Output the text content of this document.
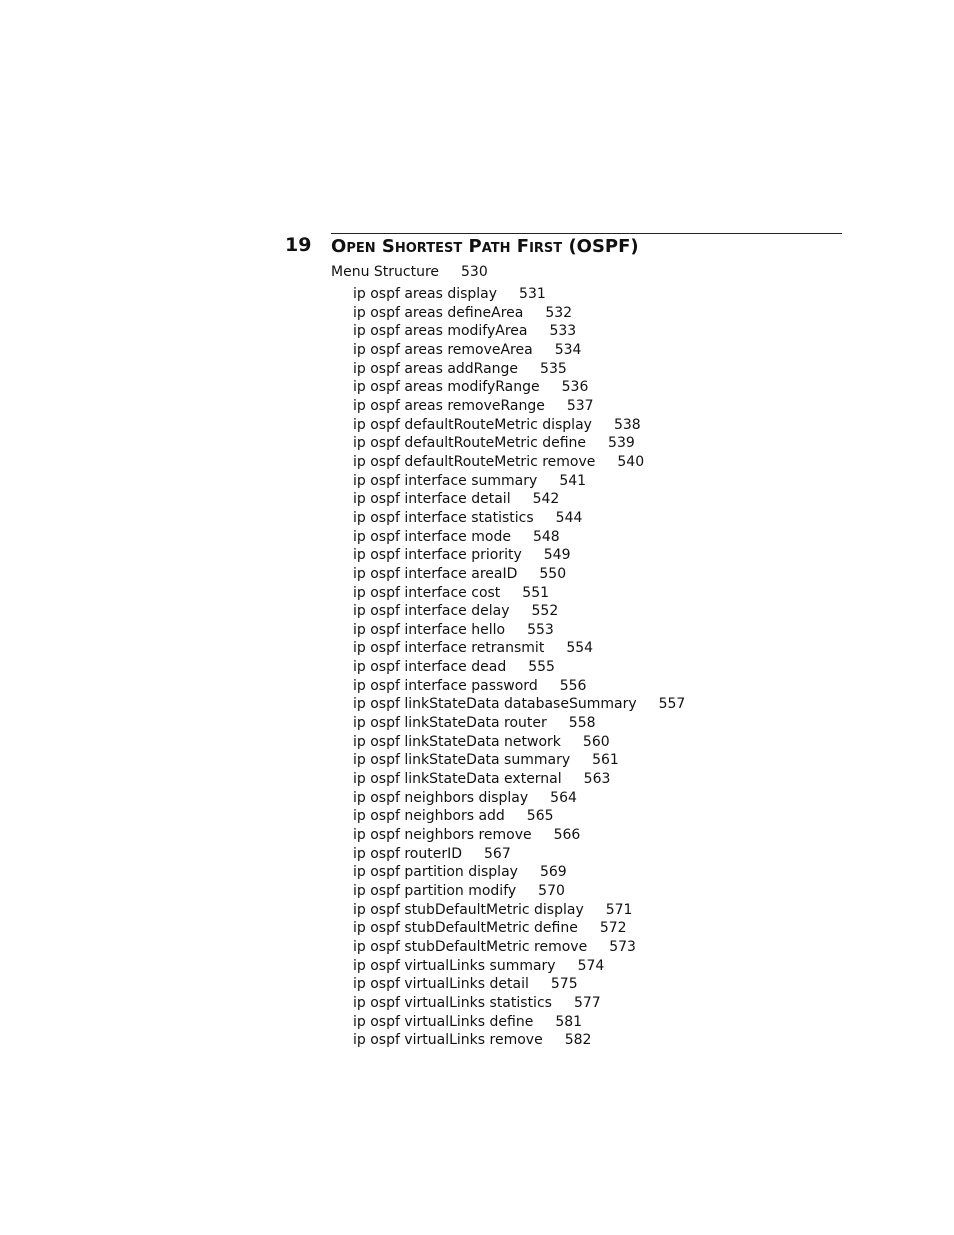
19 OPEN SHORTEST PATH FIRST (OSPF)
Menu Structure 530
ip ospf areas display 531
ip ospf areas defineArea 532
ip ospf areas modifyArea 533
ip ospf areas removeArea 534
ip ospf areas addRange 535
ip ospf areas modifyRange 536
ip ospf areas removeRange 537
ip ospf defaultRouteMetric display 538
ip ospf defaultRouteMetric define 539
ip ospf defaultRouteMetric remove 540
ip ospf interface summary 541
ip ospf interface detail 542
ip ospf interface statistics 544
ip ospf interface mode 548
ip ospf interface priority 549
ip ospf interface areaID 550
ip ospf interface cost 551
ip ospf interface delay 552
ip ospf interface hello 553
ip ospf interface retransmit 554
ip ospf interface dead 555
ip ospf interface password 556
ip ospf linkStateData databaseSummary 557
ip ospf linkStateData router 558
ip ospf linkStateData network 560
ip ospf linkStateData summary 561
ip ospf linkStateData external 563
ip ospf neighbors display 564
ip ospf neighbors add 565
ip ospf neighbors remove 566
ip ospf routerID 567
ip ospf partition display 569
ip ospf partition modify 570
ip ospf stubDefaultMetric display 571
ip ospf stubDefaultMetric define 572
ip ospf stubDefaultMetric remove 573
ip ospf virtualLinks summary 574
ip ospf virtualLinks detail 575
ip ospf virtualLinks statistics 577
ip ospf virtualLinks define 581
ip ospf virtualLinks remove 582
